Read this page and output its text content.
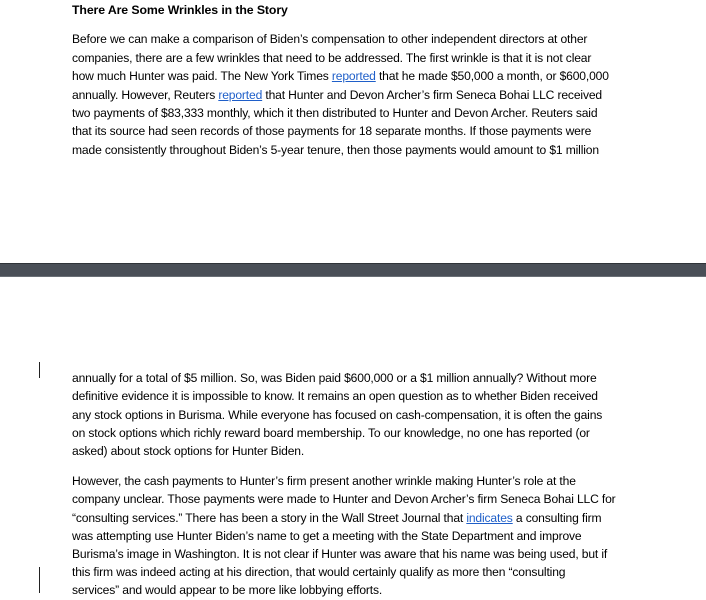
There Are Some Wrinkles in the Story
Before we can make a comparison of Biden’s compensation to other independent directors at other
companies, there are a few wrinkles that need to be addressed. The first wrinkle is that it is not clear
how much Hunter was paid. The New York Times reported that he made $50,000 a month, or $600,000
annually. However, Reuters reported that Hunter and Devon Archer’s firm Seneca Bohai LLC received
two payments of $83,333 monthly, which it then distributed to Hunter and Devon Archer. Reuters said
that its source had seen records of those payments for 18 separate months. If those payments were
made consistently throughout Biden’s 5-year tenure, then those payments would amount to $1 million
annually for a total of $5 million. So, was Biden paid $600,000 or a $1 million annually? Without more
definitive evidence it is impossible to know. It remains an open question as to whether Biden received
any stock options in Burisma. While everyone has focused on cash-compensation, it is often the gains
on stock options which richly reward board membership. To our knowledge, no one has reported (or
asked) about stock options for Hunter Biden.
However, the cash payments to Hunter’s firm present another wrinkle making Hunter’s role at the
company unclear. Those payments were made to Hunter and Devon Archer’s firm Seneca Bohai LLC for
“consulting services.” There has been a story in the Wall Street Journal that indicates a consulting firm
was attempting use Hunter Biden’s name to get a meeting with the State Department and improve
Burisma’s image in Washington. It is not clear if Hunter was aware that his name was being used, but if
this firm was indeed acting at his direction, that would certainly qualify as more then “consulting
services” and would appear to be more like lobbying efforts.
